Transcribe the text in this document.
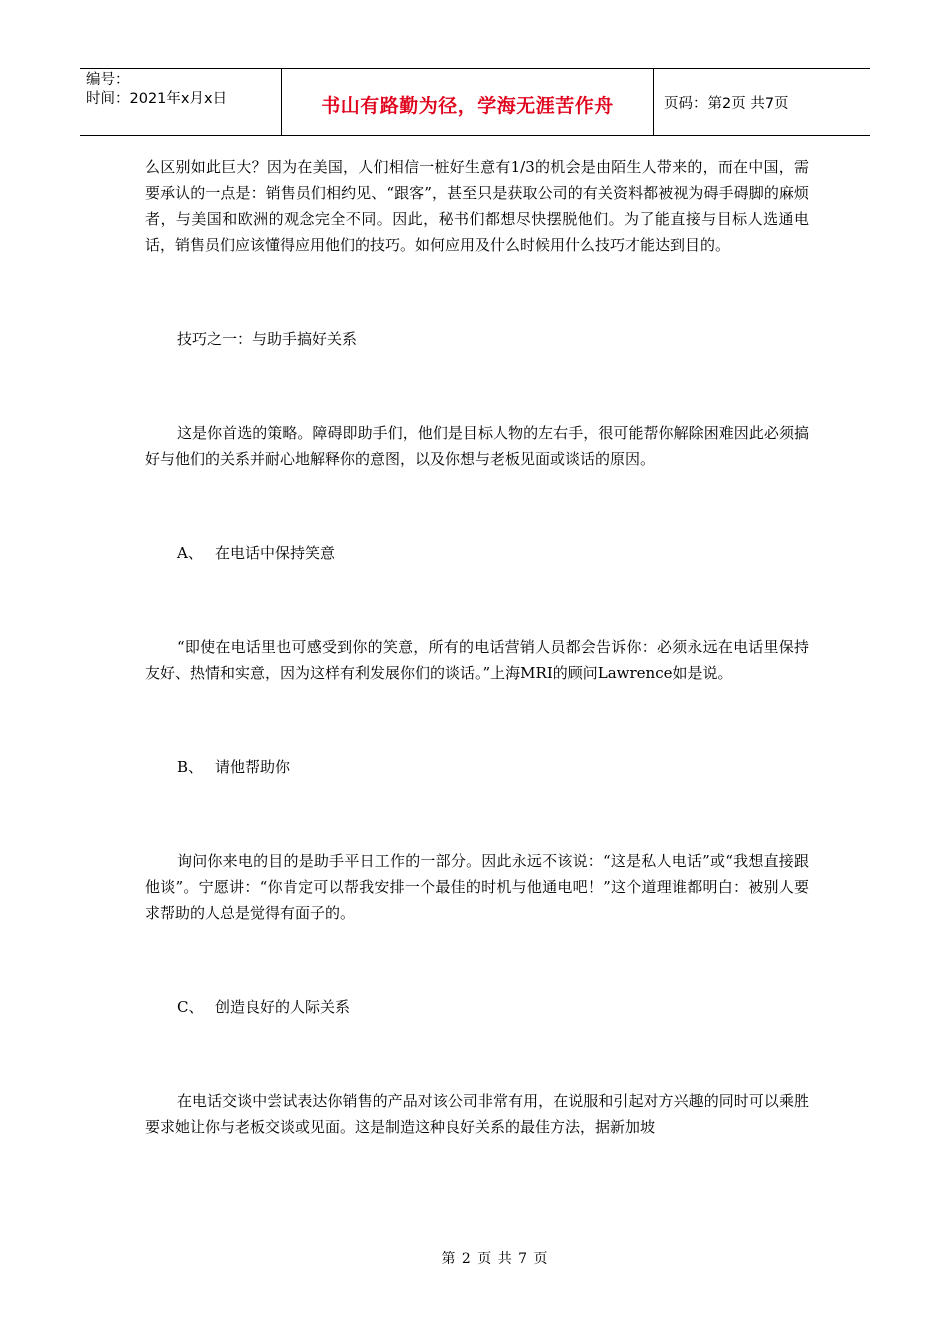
编号：
时间：2021年x月x日	书山有路勤为径，学海无涯苦作舟	页码：第2页 共7页

么区别如此巨大？因为在美国，人们相信一桩好生意有1/3的机会是由陌生人带来的，而在中国，需要承认的一点是：销售员们相约见、“跟客”，甚至只是获取公司的有关资料都被视为碍手碍脚的麻烦者，与美国和欧洲的观念完全不同。因此，秘书们都想尽快摆脱他们。为了能直接与目标人选通电话，销售员们应该懂得应用他们的技巧。如何应用及什么时候用什么技巧才能达到目的。

技巧之一：与助手搞好关系

这是你首选的策略。障碍即助手们，他们是目标人物的左右手，很可能帮你解除困难因此必须搞好与他们的关系并耐心地解释你的意图，以及你想与老板见面或谈话的原因。

A、 在电话中保持笑意

“即使在电话里也可感受到你的笑意，所有的电话营销人员都会告诉你：必须永远在电话里保持友好、热情和实意，因为这样有利发展你们的谈话。”上海MRI的顾问Lawrence如是说。

B、 请他帮助你

询问你来电的目的是助手平日工作的一部分。因此永远不该说：“这是私人电话”或“我想直接跟他谈”。宁愿讲：“你肯定可以帮我安排一个最佳的时机与他通电吧！”这个道理谁都明白：被别人要求帮助的人总是觉得有面子的。

C、 创造良好的人际关系

在电话交谈中尝试表达你销售的产品对该公司非常有用，在说服和引起对方兴趣的同时可以乘胜要求她让你与老板交谈或见面。这是制造这种良好关系的最佳方法，据新加坡

第 2 页 共 7 页
